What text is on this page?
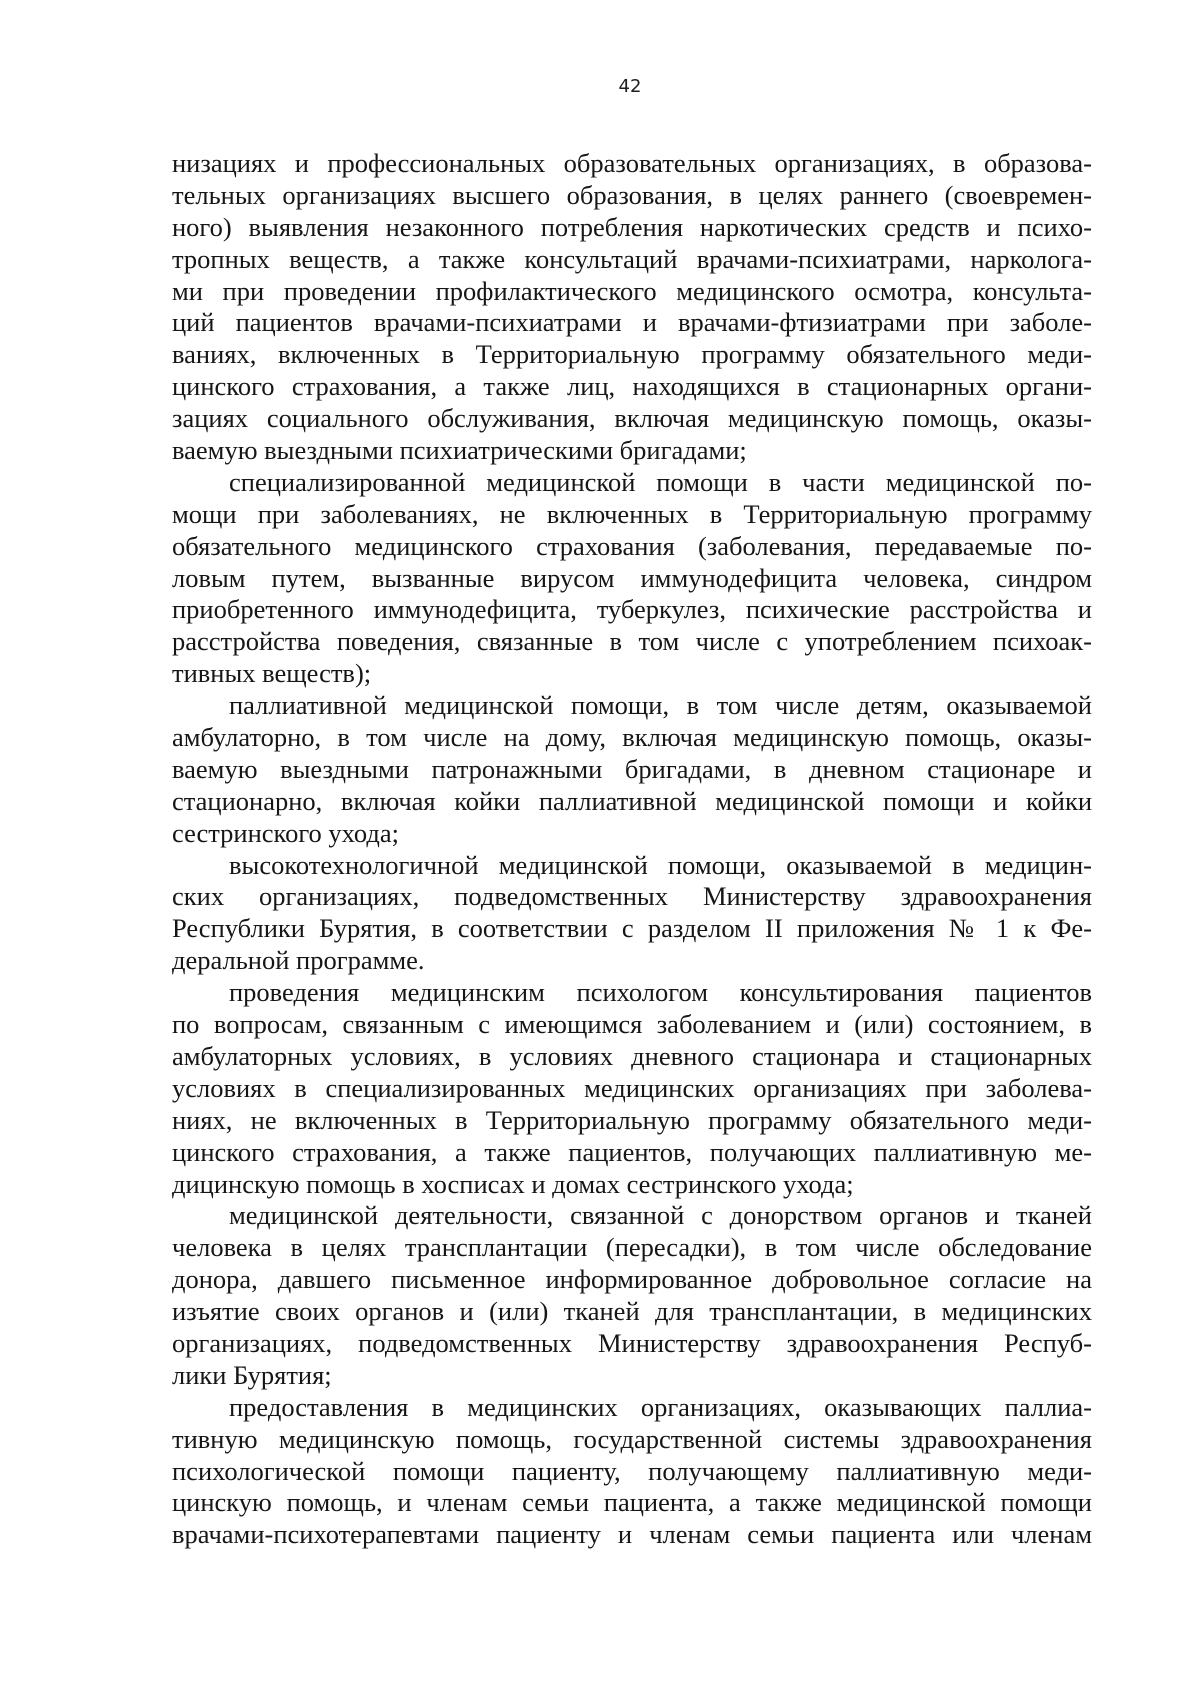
42
низациях и профессиональных образовательных организациях, в образова-
тельных организациях высшего образования, в целях раннего (своевремен-
ного) выявления незаконного потребления наркотических средств и психо-
тропных веществ, а также консультаций врачами-психиатрами, наркологa-
ми при проведении профилактического медицинского осмотра, консульта-
ций пациентов врачами-психиатрами и врачами-фтизиатрами при заболе-
ваниях, включенных в Территориальную программу обязательного меди-
цинского страхования, а также лиц, находящихся в стационарных органи-
зациях социального обслуживания, включая медицинскую помощь, оказы-
ваемую выездными психиатрическими бригадами;
специализированной медицинской помощи в части медицинской по-
мощи при заболеваниях, не включенных в Территориальную программу
обязательного медицинского страхования (заболевания, передаваемые по-
ловым путем, вызванные вирусом иммунодефицита человека, синдром
приобретенного иммунодефицита, туберкулез, психические расстройства и
расстройства поведения, связанные в том числе с употреблением психоак-
тивных веществ);
паллиативной медицинской помощи, в том числе детям, оказываемой
амбулаторно, в том числе на дому, включая медицинскую помощь, оказы-
ваемую выездными патронажными бригадами, в дневном стационаре и
стационарно, включая койки паллиативной медицинской помощи и койки
сестринского ухода;
высокотехнологичной медицинской помощи, оказываемой в медицин-
ских организациях, подведомственных Министерству здравоохранения
Республики Бурятия, в соответствии с разделом II приложения № 1 к Фе-
деральной программе.
проведения медицинским психологом консультирования пациентов
по вопросам, связанным с имеющимся заболеванием и (или) состоянием, в
амбулаторных условиях, в условиях дневного стационара и стационарных
условиях в специализированных медицинских организациях при заболева-
ниях, не включенных в Территориальную программу обязательного меди-
цинского страхования, а также пациентов, получающих паллиативную ме-
дицинскую помощь в хосписах и домах сестринского ухода;
медицинской деятельности, связанной с донорством органов и тканей
человека в целях трансплантации (пересадки), в том числе обследование
донора, давшего письменное информированное добровольное согласие на
изъятие своих органов и (или) тканей для трансплантации, в медицинских
организациях, подведомственных Министерству здравоохранения Респуб-
лики Бурятия;
предоставления в медицинских организациях, оказывающих паллиа-
тивную медицинскую помощь, государственной системы здравоохранения
психологической помощи пациенту, получающему паллиативную меди-
цинскую помощь, и членам семьи пациента, а также медицинской помощи
врачами-психотерапевтами пациенту и членам семьи пациента или членам
